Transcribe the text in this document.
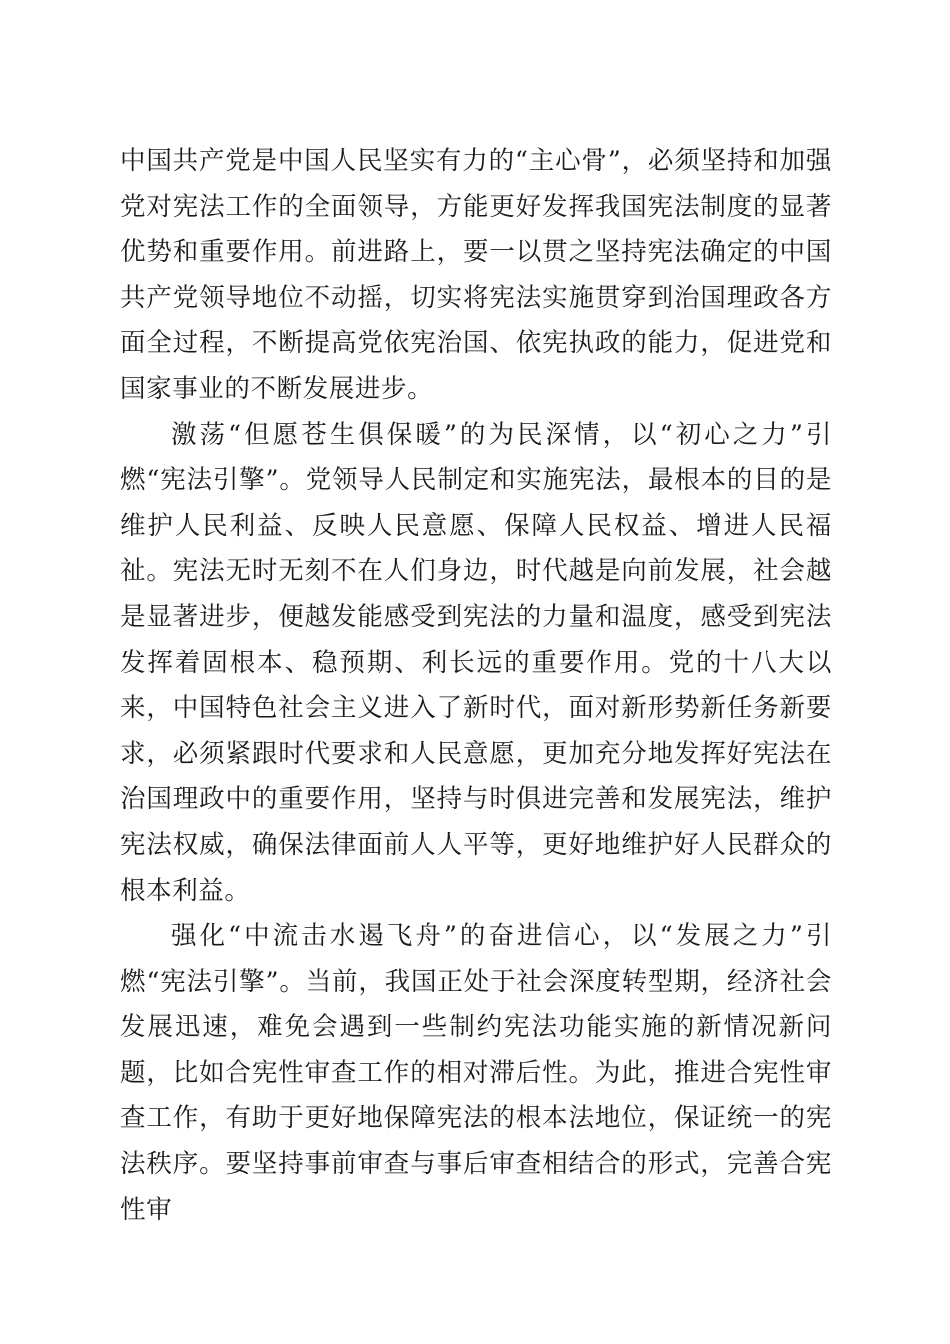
中国共产党是中国人民坚实有力的“主心骨”，必须坚持和加强党对宪法工作的全面领导，方能更好发挥我国宪法制度的显著优势和重要作用。前进路上，要一以贯之坚持宪法确定的中国共产党领导地位不动摇，切实将宪法实施贯穿到治国理政各方面全过程，不断提高党依宪治国、依宪执政的能力，促进党和国家事业的不断发展进步。

激荡“但愿苍生俱保暖”的为民深情，以“初心之力”引燃“宪法引擎”。党领导人民制定和实施宪法，最根本的目的是维护人民利益、反映人民意愿、保障人民权益、增进人民福祉。宪法无时无刻不在人们身边，时代越是向前发展，社会越是显著进步，便越发能感受到宪法的力量和温度，感受到宪法发挥着固根本、稳预期、利长远的重要作用。党的十八大以来，中国特色社会主义进入了新时代，面对新形势新任务新要求，必须紧跟时代要求和人民意愿，更加充分地发挥好宪法在治国理政中的重要作用，坚持与时俱进完善和发展宪法，维护宪法权威，确保法律面前人人平等，更好地维护好人民群众的根本利益。

强化“中流击水遏飞舟”的奋进信心，以“发展之力”引燃“宪法引擎”。当前，我国正处于社会深度转型期，经济社会发展迅速，难免会遇到一些制约宪法功能实施的新情况新问题，比如合宪性审查工作的相对滞后性。为此，推进合宪性审查工作，有助于更好地保障宪法的根本法地位，保证统一的宪法秩序。要坚持事前审查与事后审查相结合的形式，完善合宪性审
